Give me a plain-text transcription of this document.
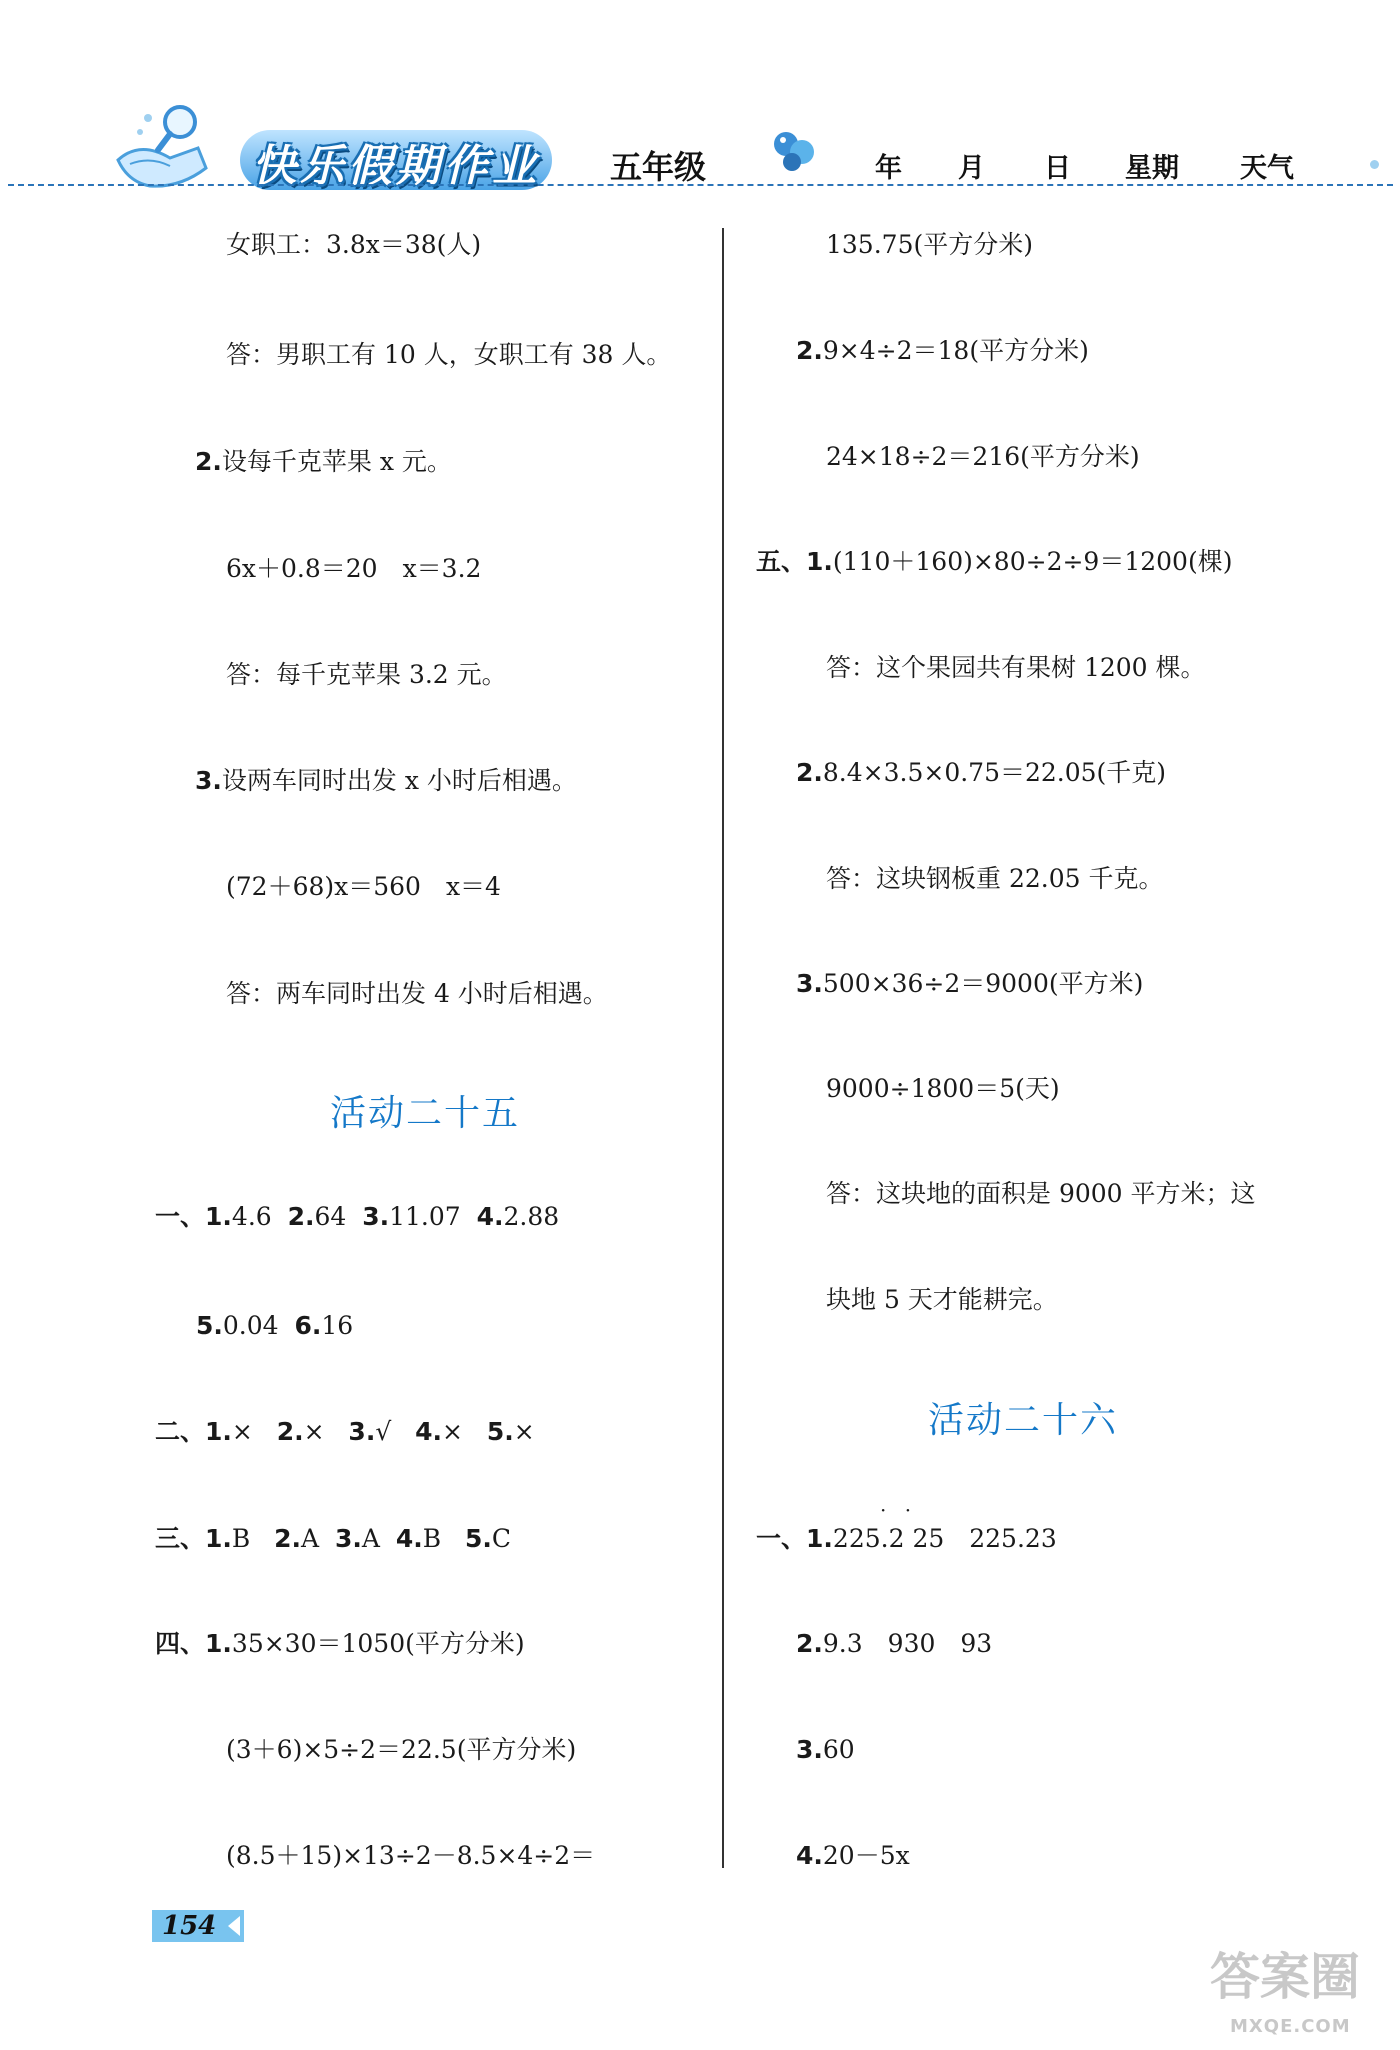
快乐假期作业	五年级	年 月 日 星期 天气
女职工：3.8x＝38(人)
答：男职工有 10 人，女职工有 38 人。
2.设每千克苹果 x 元。
6x＋0.8＝20　x＝3.2
答：每千克苹果 3.2 元。
3.设两车同时出发 x 小时后相遇。
(72＋68)x＝560　x＝4
答：两车同时出发 4 小时后相遇。
活动二十五
一、1.4.6 2.64 3.11.07 4.2.88
5.0.04 6.16
二、1.× 2.× 3.√ 4.× 5.×
三、1.B 2.A 3.A 4.B 5.C
四、1.35×30＝1050(平方分米)
(3＋6)×5÷2＝22.5(平方分米)
(8.5＋15)×13÷2－8.5×4÷2＝
135.75(平方分米)
2.9×4÷2＝18(平方分米)
24×18÷2＝216(平方分米)
五、1.(110＋160)×80÷2÷9＝1200(棵)
答：这个果园共有果树 1200 棵。
2.8.4×3.5×0.75＝22.05(千克)
答：这块钢板重 22.05 千克。
3.500×36÷2＝9000(平方米)
9000÷1800＝5(天)
答：这块地的面积是 9000 平方米；这
块地 5 天才能耕完。
活动二十六
· ·
一、1.225.2 25　225.23
2.9.3　930　93
3.60
4.20－5x
154
答案圈
MXQE.COM
